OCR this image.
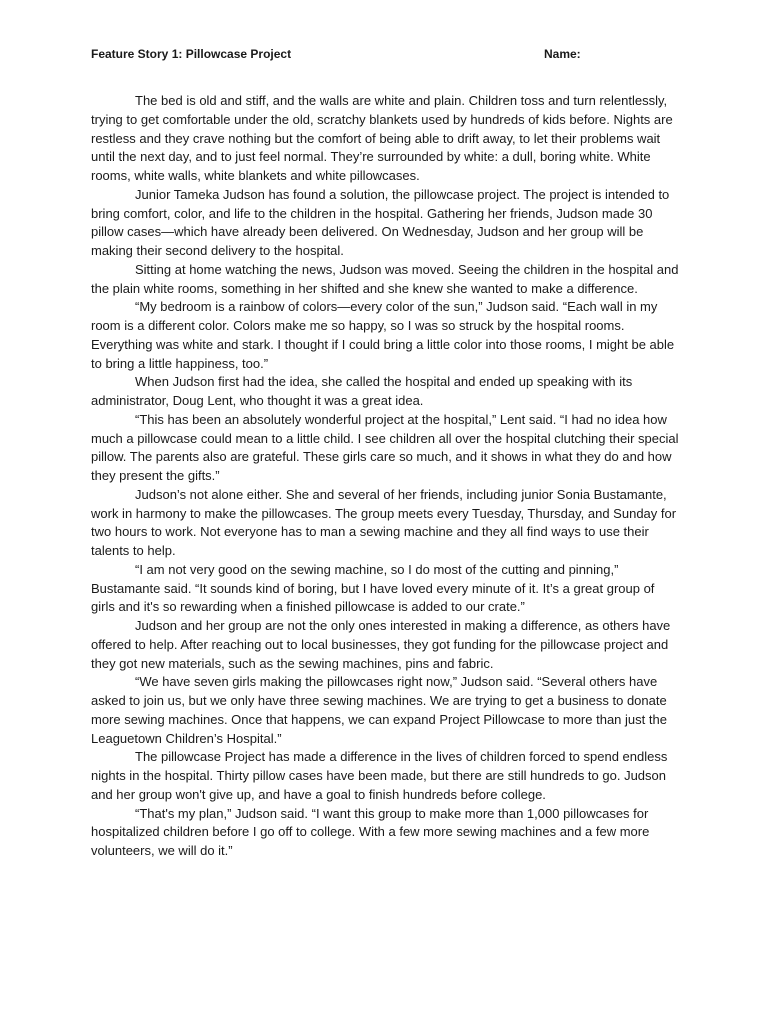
Feature Story 1: Pillowcase Project	Name:

The bed is old and stiff, and the walls are white and plain. Children toss and turn relentlessly, trying to get comfortable under the old, scratchy blankets used by hundreds of kids before. Nights are restless and they crave nothing but the comfort of being able to drift away, to let their problems wait until the next day, and to just feel normal. They’re surrounded by white: a dull, boring white. White rooms, white walls, white blankets and white pillowcases.

Junior Tameka Judson has found a solution, the pillowcase project. The project is intended to bring comfort, color, and life to the children in the hospital. Gathering her friends, Judson made 30 pillow cases—which have already been delivered. On Wednesday, Judson and her group will be making their second delivery to the hospital.

Sitting at home watching the news, Judson was moved. Seeing the children in the hospital and the plain white rooms, something in her shifted and she knew she wanted to make a difference.

“My bedroom is a rainbow of colors—every color of the sun,” Judson said. “Each wall in my room is a different color. Colors make me so happy, so I was so struck by the hospital rooms. Everything was white and stark. I thought if I could bring a little color into those rooms, I might be able to bring a little happiness, too.”

When Judson first had the idea, she called the hospital and ended up speaking with its administrator, Doug Lent, who thought it was a great idea.

“This has been an absolutely wonderful project at the hospital,” Lent said. “I had no idea how much a pillowcase could mean to a little child. I see children all over the hospital clutching their special pillow. The parents also are grateful. These girls care so much, and it shows in what they do and how they present the gifts.”

Judson’s not alone either. She and several of her friends, including junior Sonia Bustamante, work in harmony to make the pillowcases. The group meets every Tuesday, Thursday, and Sunday for two hours to work. Not everyone has to man a sewing machine and they all find ways to use their talents to help.

“I am not very good on the sewing machine, so I do most of the cutting and pinning,” Bustamante said. “It sounds kind of boring, but I have loved every minute of it. It’s a great group of girls and it's so rewarding when a finished pillowcase is added to our crate.”

Judson and her group are not the only ones interested in making a difference, as others have offered to help. After reaching out to local businesses, they got funding for the pillowcase project and they got new materials, such as the sewing machines, pins and fabric.

“We have seven girls making the pillowcases right now,” Judson said. “Several others have asked to join us, but we only have three sewing machines. We are trying to get a business to donate more sewing machines. Once that happens, we can expand Project Pillowcase to more than just the Leaguetown Children’s Hospital.”

The pillowcase Project has made a difference in the lives of children forced to spend endless nights in the hospital. Thirty pillow cases have been made, but there are still hundreds to go. Judson and her group won't give up, and have a goal to finish hundreds before college.

“That's my plan,” Judson said. “I want this group to make more than 1,000 pillowcases for hospitalized children before I go off to college. With a few more sewing machines and a few more volunteers, we will do it.”
